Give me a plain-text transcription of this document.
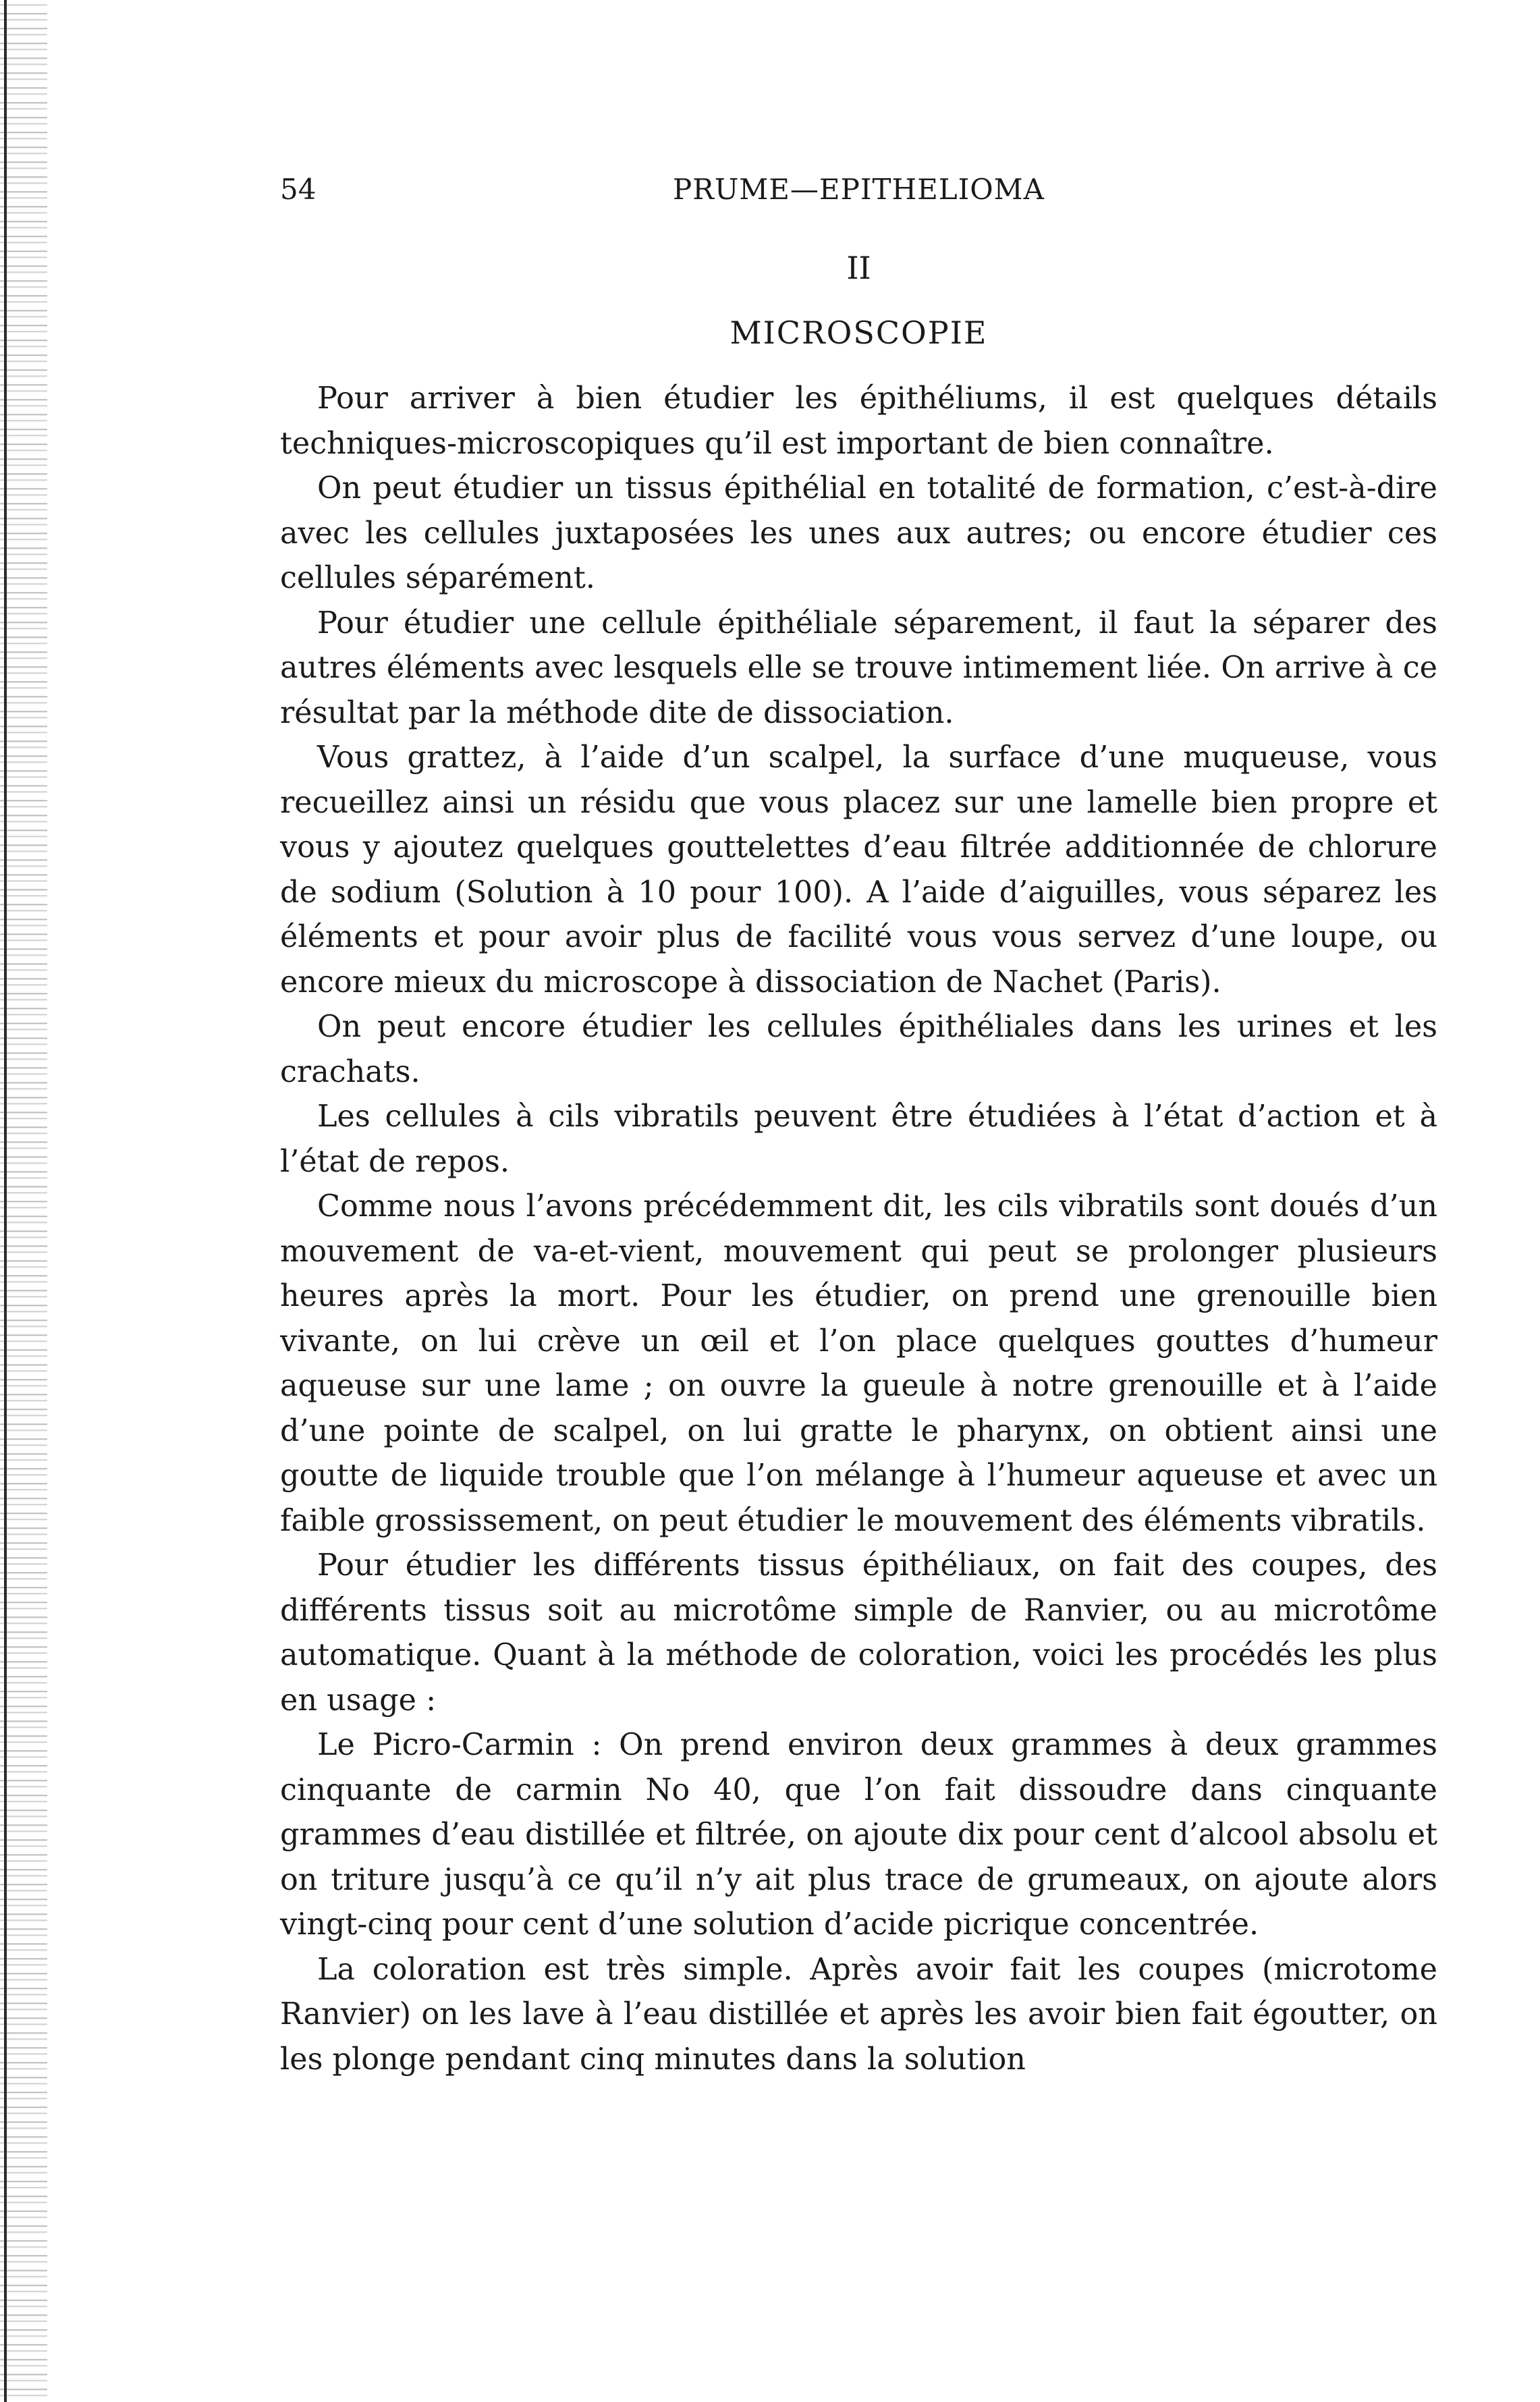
54	PRUME—EPITHELIOMA
II
MICROSCOPIE

Pour arriver à bien étudier les épithéliums, il est quelques détails techniques-microscopiques qu’il est important de bien connaître.

On peut étudier un tissus épithélial en totalité de formation, c’est-à-dire avec les cellules juxtaposées les unes aux autres; ou encore étudier ces cellules séparément.

Pour étudier une cellule épithéliale séparement, il faut la séparer des autres éléments avec lesquels elle se trouve intimement liée. On arrive à ce résultat par la méthode dite de dissociation.

Vous grattez, à l’aide d’un scalpel, la surface d’une muqueuse, vous recueillez ainsi un résidu que vous placez sur une lamelle bien propre et vous y ajoutez quelques gouttelettes d’eau filtrée additionnée de chlorure de sodium (Solution à 10 pour 100). A l’aide d’aiguilles, vous séparez les éléments et pour avoir plus de facilité vous vous servez d’une loupe, ou encore mieux du microscope à dissociation de Nachet (Paris).

On peut encore étudier les cellules épithéliales dans les urines et les crachats.

Les cellules à cils vibratils peuvent être étudiées à l’état d’action et à l’état de repos.

Comme nous l’avons précédemment dit, les cils vibratils sont doués d’un mouvement de va-et-vient, mouvement qui peut se prolonger plusieurs heures après la mort. Pour les étudier, on prend une grenouille bien vivante, on lui crève un œil et l’on place quelques gouttes d’humeur aqueuse sur une lame ; on ouvre la gueule à notre grenouille et à l’aide d’une pointe de scalpel, on lui gratte le pharynx, on obtient ainsi une goutte de liquide trouble que l’on mélange à l’humeur aqueuse et avec un faible grossissement, on peut étudier le mouvement des éléments vibratils.

Pour étudier les différents tissus épithéliaux, on fait des coupes, des différents tissus soit au microtôme simple de Ranvier, ou au microtôme automatique. Quant à la méthode de coloration, voici les procédés les plus en usage :

Le Picro-Carmin : On prend environ deux grammes à deux grammes cinquante de carmin No 40, que l’on fait dissoudre dans cinquante grammes d’eau distillée et filtrée, on ajoute dix pour cent d’alcool absolu et on triture jusqu’à ce qu’il n’y ait plus trace de grumeaux, on ajoute alors vingt-cinq pour cent d’une solution d’acide picrique concentrée.

La coloration est très simple. Après avoir fait les coupes (microtome Ranvier) on les lave à l’eau distillée et après les avoir bien fait égoutter, on les plonge pendant cinq minutes dans la solution
